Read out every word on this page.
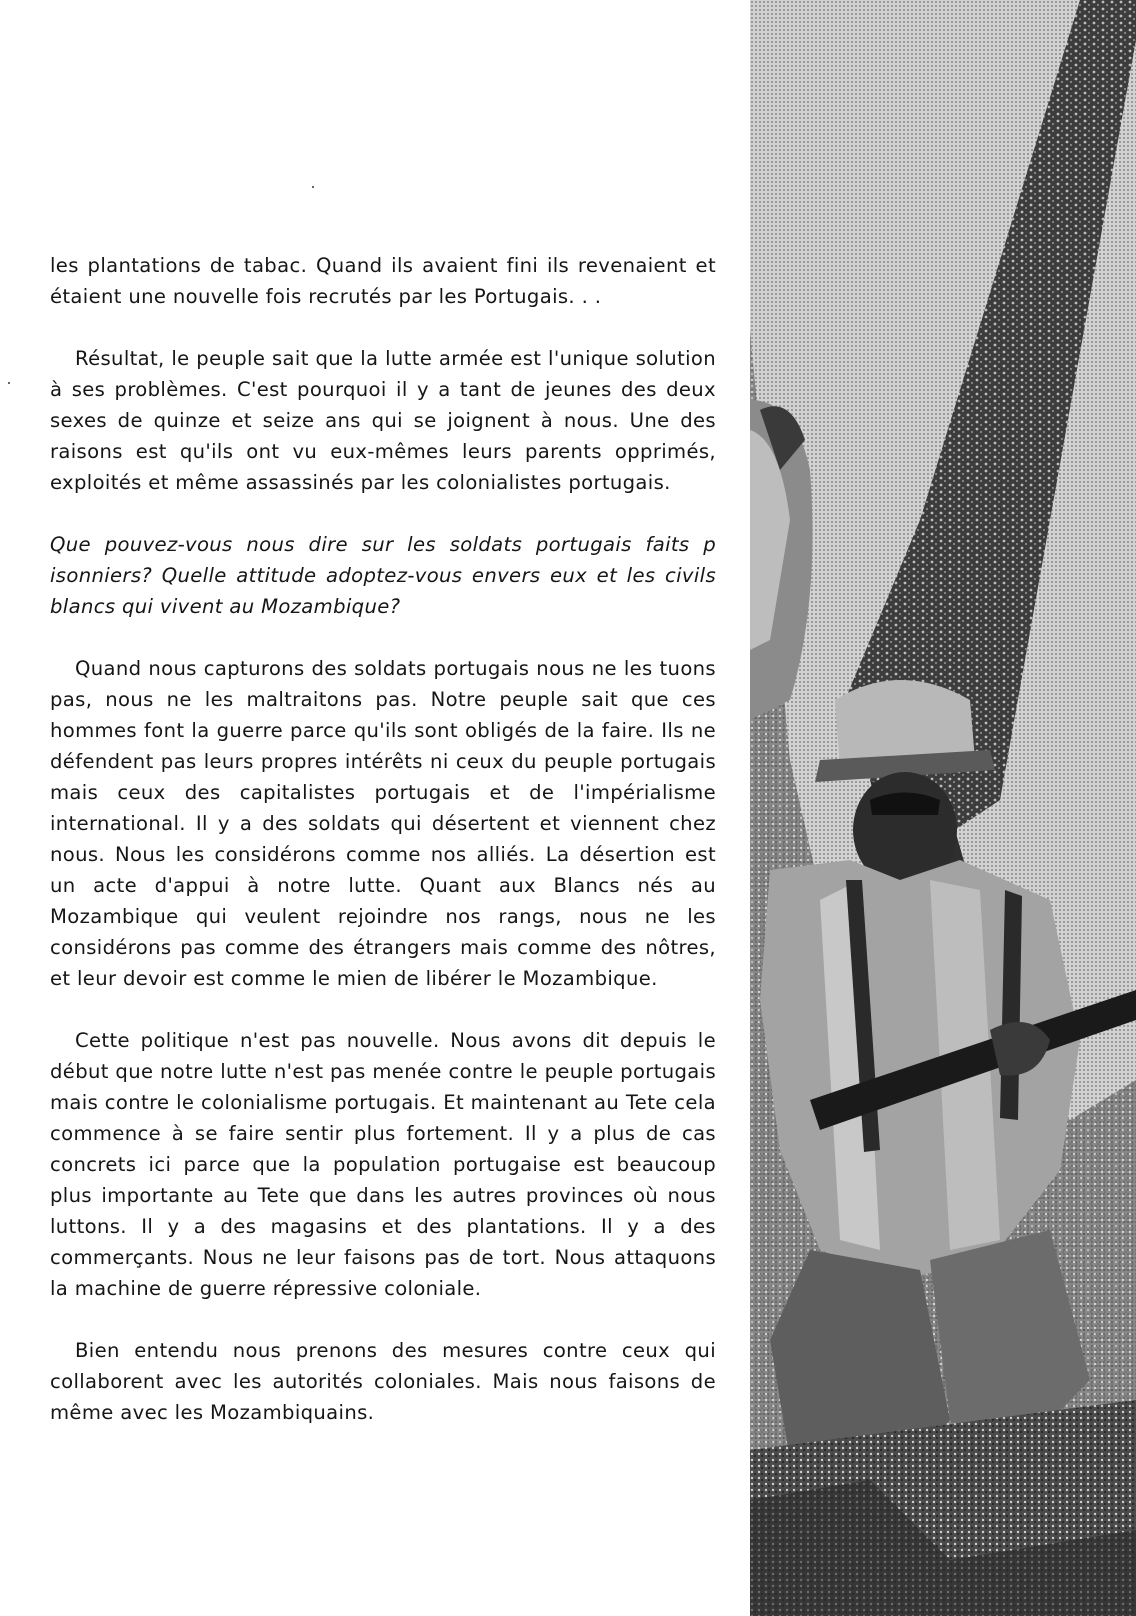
les plantations de tabac. Quand ils avaient fini ils revenaient et étaient une nouvelle fois recrutés par les Portugais. . .

Résultat, le peuple sait que la lutte armée est l'unique solution à ses problèmes. C'est pourquoi il y a tant de jeunes des deux sexes de quinze et seize ans qui se joignent à nous. Une des raisons est qu'ils ont vu eux-mêmes leurs parents opprimés, exploités et même assassinés par les colonialistes portugais.

Que pouvez-vous nous dire sur les soldats portugais faits p isonniers? Quelle attitude adoptez-vous envers eux et les civils blancs qui vivent au Mozambique?

Quand nous capturons des soldats portugais nous ne les tuons pas, nous ne les maltraitons pas. Notre peuple sait que ces hommes font la guerre parce qu'ils sont obligés de la faire. Ils ne défendent pas leurs propres intérêts ni ceux du peuple portugais mais ceux des capitalistes portugais et de l'impérialisme international. Il y a des soldats qui désertent et viennent chez nous. Nous les considérons comme nos alliés. La désertion est un acte d'appui à notre lutte. Quant aux Blancs nés au Mozambique qui veulent rejoindre nos rangs, nous ne les considérons pas comme des étrangers mais comme des nôtres, et leur devoir est comme le mien de libérer le Mozambique.

Cette politique n'est pas nouvelle. Nous avons dit depuis le début que notre lutte n'est pas menée contre le peuple portugais mais contre le colonialisme portugais. Et maintenant au Tete cela commence à se faire sentir plus fortement. Il y a plus de cas concrets ici parce que la population portugaise est beaucoup plus importante au Tete que dans les autres provinces où nous luttons. Il y a des magasins et des plantations. Il y a des commerçants. Nous ne leur faisons pas de tort. Nous attaquons la machine de guerre répressive coloniale.

Bien entendu nous prenons des mesures contre ceux qui collaborent avec les autorités coloniales. Mais nous faisons de même avec les Mozambiquains.
